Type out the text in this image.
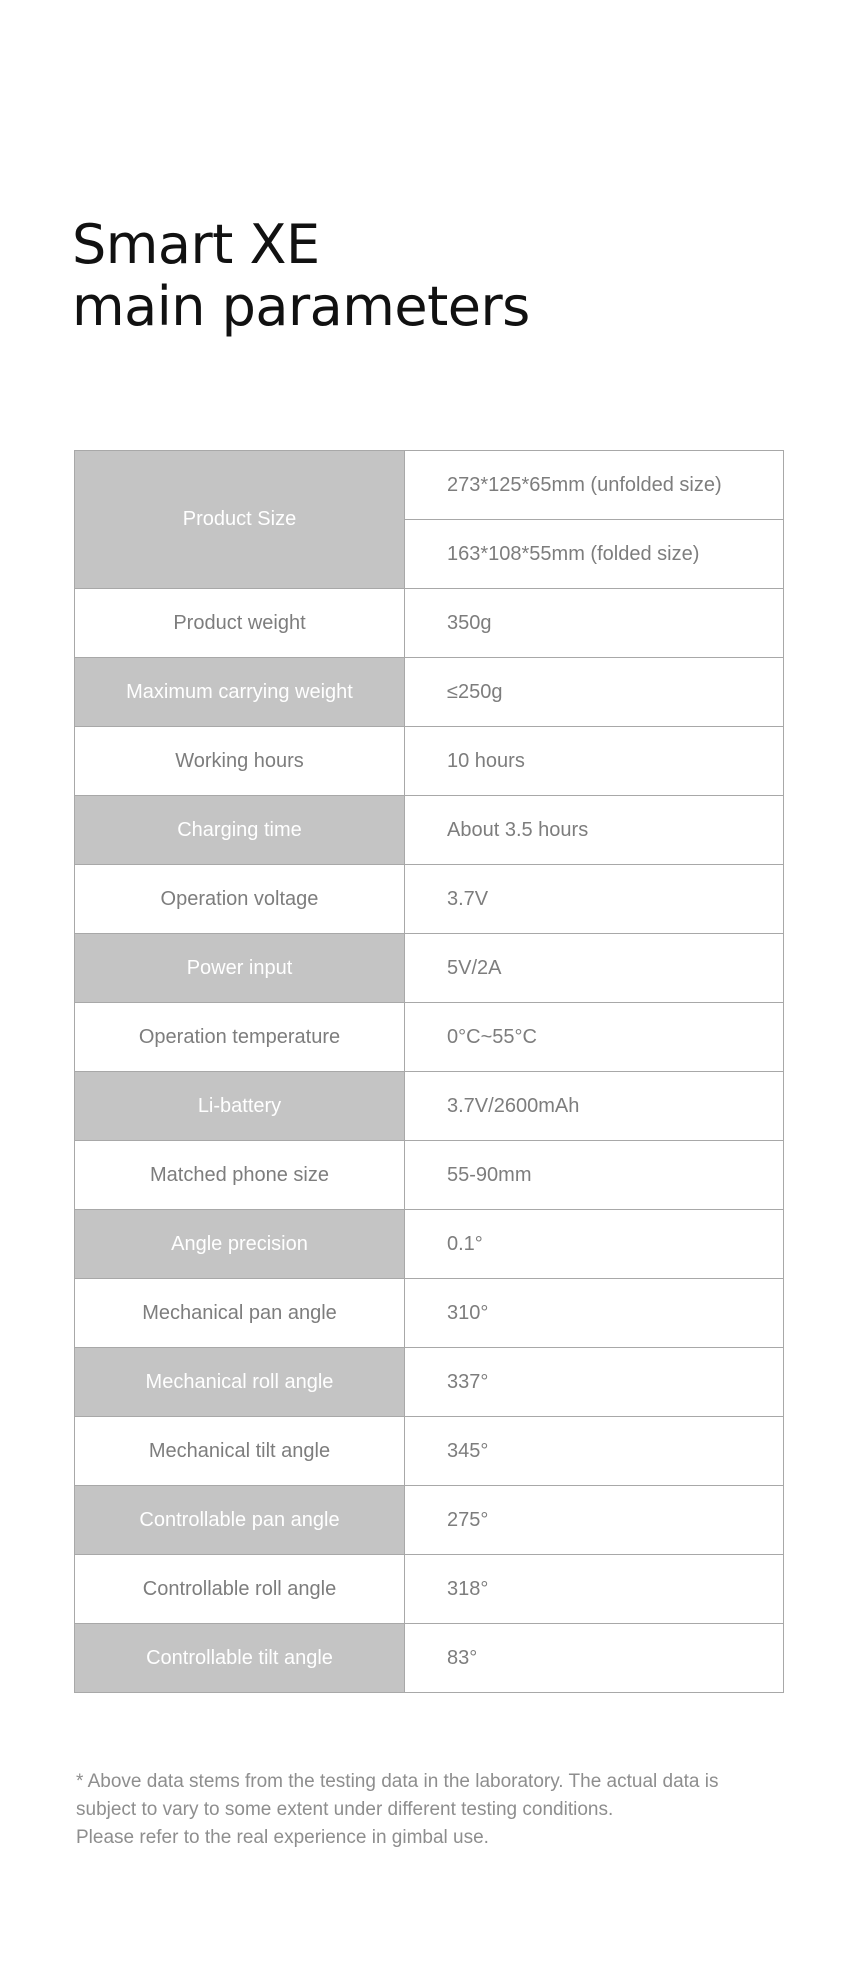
Smart XE
main parameters
Product Size	273*125*65mm (unfolded size)
	163*108*55mm (folded size)
Product weight	350g
Maximum carrying weight	≤250g
Working hours	10 hours
Charging time	About 3.5 hours
Operation voltage	3.7V
Power input	5V/2A
Operation temperature	0°C~55°C
Li-battery	3.7V/2600mAh
Matched phone size	55-90mm
Angle precision	0.1°
Mechanical pan angle	310°
Mechanical roll angle	337°
Mechanical tilt angle	345°
Controllable pan angle	275°
Controllable roll angle	318°
Controllable tilt angle	83°

* Above data stems from the testing data in the laboratory. The actual data is
subject to vary to some extent under different testing conditions.
Please refer to the real experience in gimbal use.
